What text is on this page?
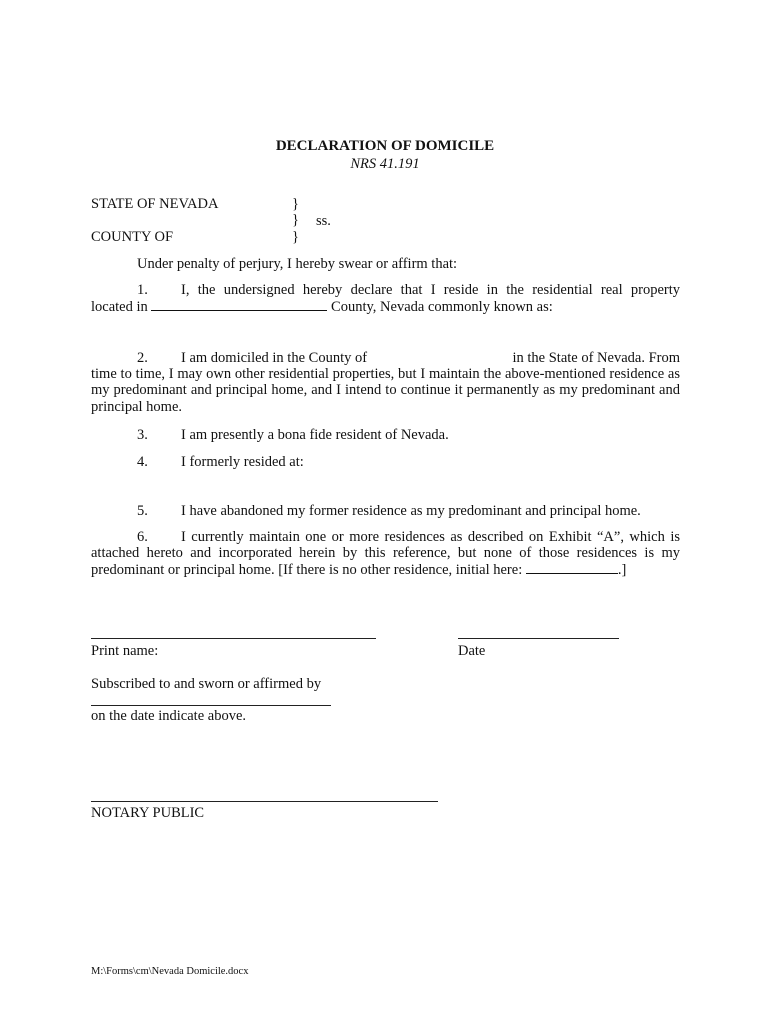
DECLARATION OF DOMICILE
NRS 41.191
STATE OF NEVADA	}
} ss.
COUNTY OF	}
Under penalty of perjury, I hereby swear or affirm that:
1. I, the undersigned hereby declare that I reside in the residential real property
located in	County, Nevada commonly known as:
2. I am domiciled in the County of	in the State of Nevada. From
time to time, I may own other residential properties, but I maintain the above-mentioned residence as my predominant and principal home, and I intend to continue it permanently as my predominant and principal home.
3. I am presently a bona fide resident of Nevada.
4. I formerly resided at:
5. I have abandoned my former residence as my predominant and principal home.
6. I currently maintain one or more residences as described on Exhibit “A”, which is
attached hereto and incorporated herein by this reference, but none of those residences is my predominant or principal home. [If there is no other residence, initial here:	.]
Print name:	Date
Subscribed to and sworn or affirmed by
on the date indicate above.
NOTARY PUBLIC
M:\Forms\cm\Nevada Domicile.docx
